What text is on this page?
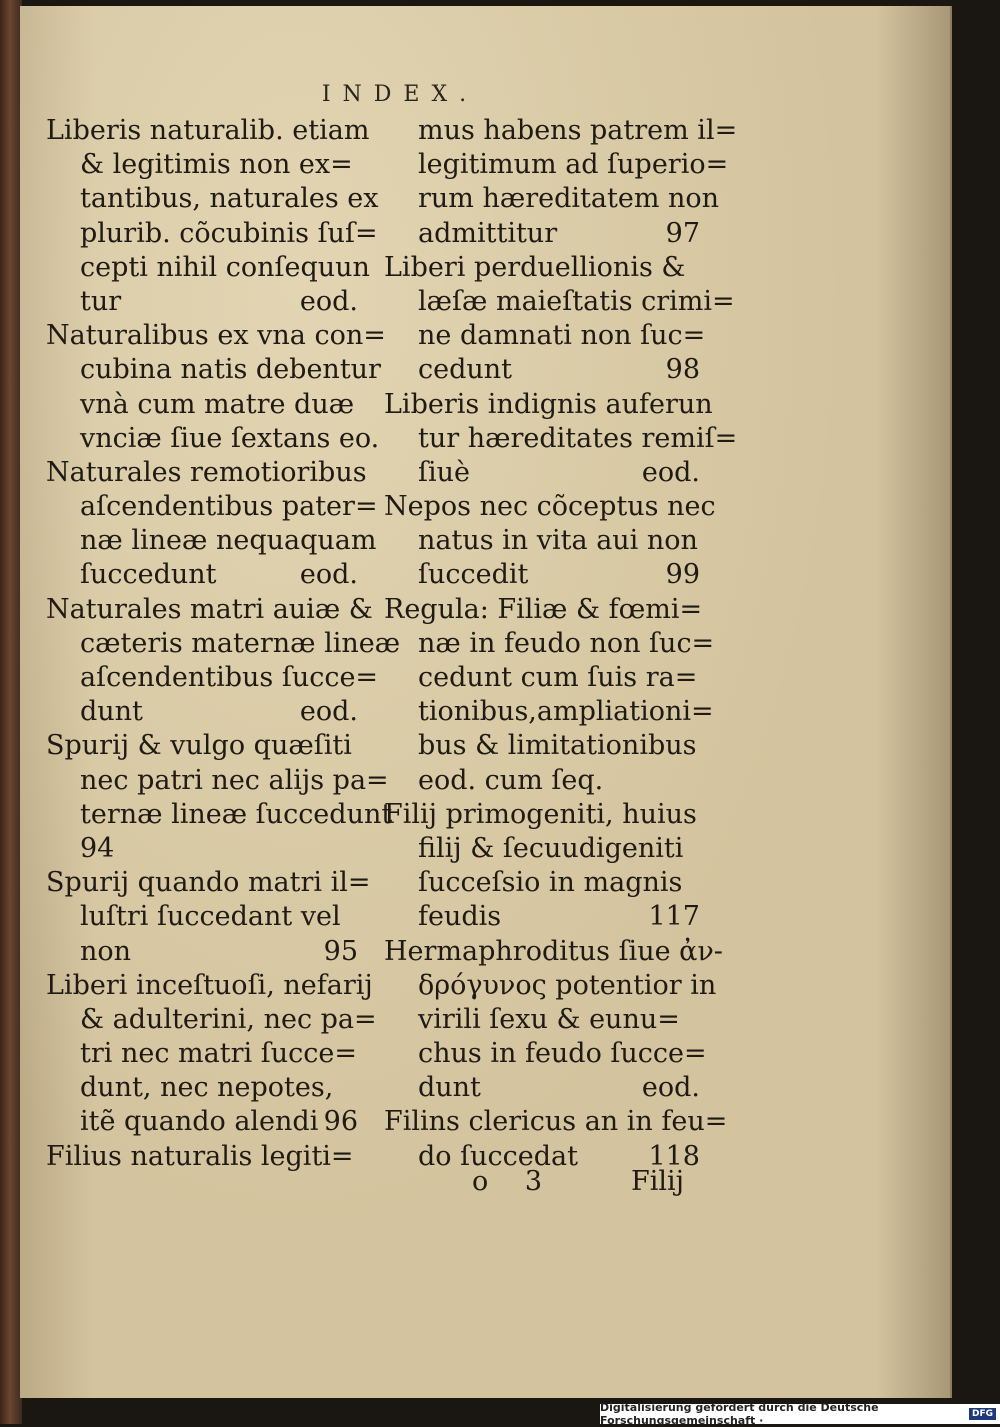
INDEX.
Liberis naturalib. etiam
& legitimis non ex=
tantibus, naturales ex
plurib. cõcubinis ſuſ=
cepti nihil conſequun
tur	eod.
Naturalibus ex vna con=
cubina natis debentur
vnà cum matre duæ
vnciæ ſiue ſextans eo.
Naturales remotioribus
aſcendentibus pater=
næ lineæ nequaquam
ſuccedunt	eod.
Naturales matri auiæ &
cæteris maternæ lineæ
aſcendentibus ſucce=
dunt	eod.
Spurij & vulgo quæſiti
nec patri nec alijs pa=
ternæ lineæ ſuccedunt
94
Spurij quando matri il=
luſtri ſuccedant vel
non	95
Liberi inceſtuoſi, nefarij
& adulterini, nec pa=
tri nec matri ſucce=
dunt, nec nepotes,
itẽ quando alendi 96
Filius naturalis legiti=
mus habens patrem il=
legitimum ad ſuperio=
rum hæreditatem non
admittitur	97
Liberi perduellionis &
læſæ maieſtatis crimi=
ne damnati non ſuc=
cedunt	98
Liberis indignis auferun
tur hæreditates remiſ=
ſiuè	eod.
Nepos nec cõceptus nec
natus in vita aui non
ſuccedit	99
Regula: Filiæ & fœmi=
næ in feudo non ſuc=
cedunt cum ſuis ra=
tionibus,ampliationi=
bus & limitationibus
eod. cum ſeq.
Filij primogeniti, huius
filij & ſecuudigeniti
ſucceſsio in magnis
feudis	117
Hermaphroditus ſiue ἀν-
δρόγυνος potentior in
virili ſexu & eunu=
chus in feudo ſucce=
dunt	eod.
Filins clericus an in feu=
do ſuccedat	118
o 3	Filij
Digitalisierung gefördert durch die Deutsche Forschungsgemeinschaft ·	DFG
